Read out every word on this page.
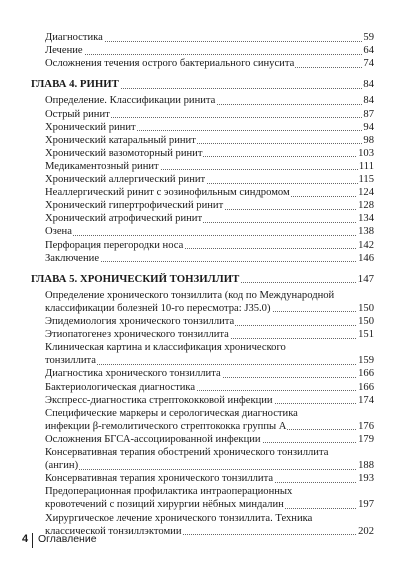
Диагностика	59
Лечение	64
Осложнения течения острого бактериального синусита	74
ГЛАВА 4. РИНИТ	84
Определение. Классификации ринита	84
Острый ринит	87
Хронический ринит	94
Хронический катаральный ринит	98
Хронический вазомоторный ринит	103
Медикаментозный ринит	111
Хронический аллергический ринит	115
Неаллергический ринит с эозинофильным синдромом	124
Хронический гипертрофический ринит	128
Хронический атрофический ринит	134
Озена	138
Перфорация перегородки носа	142
Заключение	146
ГЛАВА 5. ХРОНИЧЕСКИЙ ТОНЗИЛЛИТ	147
Определение хронического тонзиллита (код по Международной
классификации болезней 10-го пересмотра: J35.0)	150
Эпидемиология хронического тонзиллита	150
Этиопатогенез хронического тонзиллита	151
Клиническая картина и классификация хронического
тонзиллита	159
Диагностика хронического тонзиллита	166
Бактериологическая диагностика	166
Экспресс-диагностика стрептококковой инфекции	174
Специфические маркеры и серологическая диагностика
инфекции β-гемолитического стрептококка группы А	176
Осложнения БГСА-ассоциированной инфекции	179
Консервативная терапия обострений хронического тонзиллита
(ангин)	188
Консервативная терапия хронического тонзиллита	193
Предоперационная профилактика интраоперационных
кровотечений с позиций хирургии нёбных миндалин	197
Хирургическое лечение хронического тонзиллита. Техника
классической тонзиллэктомии	202
4 Оглавление
